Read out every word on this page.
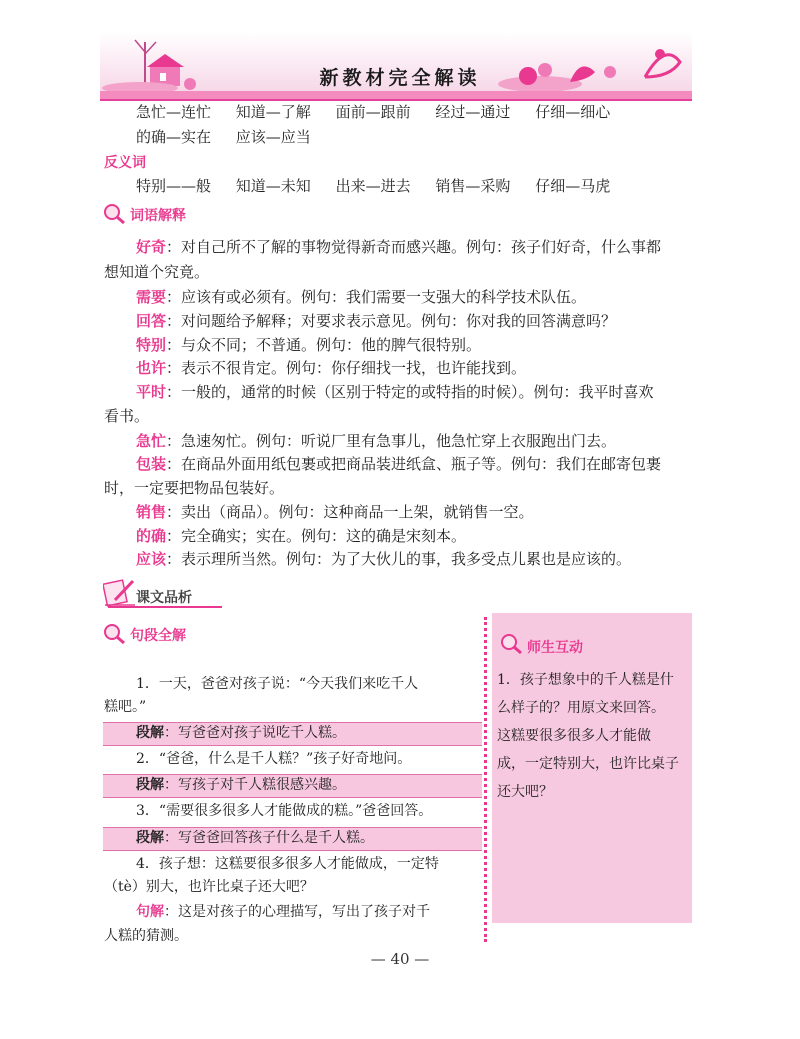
新教材完全解读
急忙—连忙 知道—了解 面前—跟前 经过—通过 仔细—细心
的确—实在 应该—应当
反义词
特别——般 知道—未知 出来—进去 销售—采购 仔细—马虎
词语解释
好奇：对自己所不了解的事物觉得新奇而感兴趣。例句：孩子们好奇，什么事都
想知道个究竟。
需要：应该有或必须有。例句：我们需要一支强大的科学技术队伍。
回答：对问题给予解释；对要求表示意见。例句：你对我的回答满意吗？
特别：与众不同；不普通。例句：他的脾气很特别。
也许：表示不很肯定。例句：你仔细找一找，也许能找到。
平时：一般的，通常的时候（区别于特定的或特指的时候）。例句：我平时喜欢
看书。
急忙：急速匆忙。例句：听说厂里有急事儿，他急忙穿上衣服跑出门去。
包装：在商品外面用纸包裹或把商品装进纸盒、瓶子等。例句：我们在邮寄包裹
时，一定要把物品包装好。
销售：卖出（商品）。例句：这种商品一上架，就销售一空。
的确：完全确实；实在。例句：这的确是宋刻本。
应该：表示理所当然。例句：为了大伙儿的事，我多受点儿累也是应该的。
课文品析
句段全解
1．一天，爸爸对孩子说：“今天我们来吃千人
糕吧。”
段解：写爸爸对孩子说吃千人糕。
2．“爸爸，什么是千人糕？”孩子好奇地问。
段解：写孩子对千人糕很感兴趣。
3．“需要很多很多人才能做成的糕。”爸爸回答。
段解：写爸爸回答孩子什么是千人糕。
4．孩子想：这糕要很多很多人才能做成，一定特
（tè）别大，也许比桌子还大吧？
句解：这是对孩子的心理描写，写出了孩子对千
人糕的猜测。
师生互动
1．孩子想象中的千人糕是什
么样子的？用原文来回答。
这糕要很多很多人才能做
成，一定特别大，也许比桌子
还大吧？
— 40 —
